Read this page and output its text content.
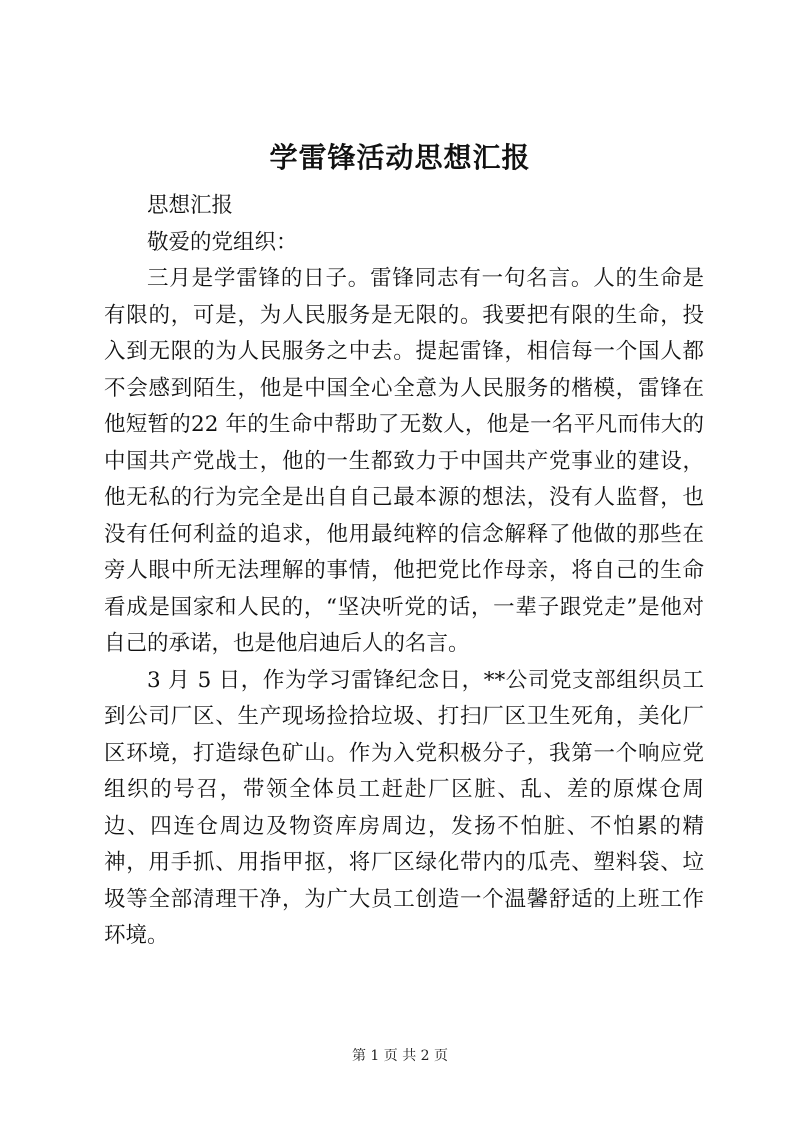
学雷锋活动思想汇报

思想汇报

敬爱的党组织：

三月是学雷锋的日子。雷锋同志有一句名言。人的生命是有限的，可是，为人民服务是无限的。我要把有限的生命，投入到无限的为人民服务之中去。提起雷锋，相信每一个国人都不会感到陌生，他是中国全心全意为人民服务的楷模，雷锋在他短暂的22 年的生命中帮助了无数人，他是一名平凡而伟大的中国共产党战士，他的一生都致力于中国共产党事业的建设，他无私的行为完全是出自自己最本源的想法，没有人监督，也没有任何利益的追求，他用最纯粹的信念解释了他做的那些在旁人眼中所无法理解的事情，他把党比作母亲，将自己的生命看成是国家和人民的，“坚决听党的话，一辈子跟党走”是他对自己的承诺，也是他启迪后人的名言。

3 月 5 日，作为学习雷锋纪念日，**公司党支部组织员工到公司厂区、生产现场捡拾垃圾、打扫厂区卫生死角，美化厂区环境，打造绿色矿山。作为入党积极分子，我第一个响应党组织的号召，带领全体员工赶赴厂区脏、乱、差的原煤仓周边、四连仓周边及物资库房周边，发扬不怕脏、不怕累的精神，用手抓、用指甲抠，将厂区绿化带内的瓜壳、塑料袋、垃圾等全部清理干净，为广大员工创造一个温馨舒适的上班工作环境。

第 1 页 共 2 页
